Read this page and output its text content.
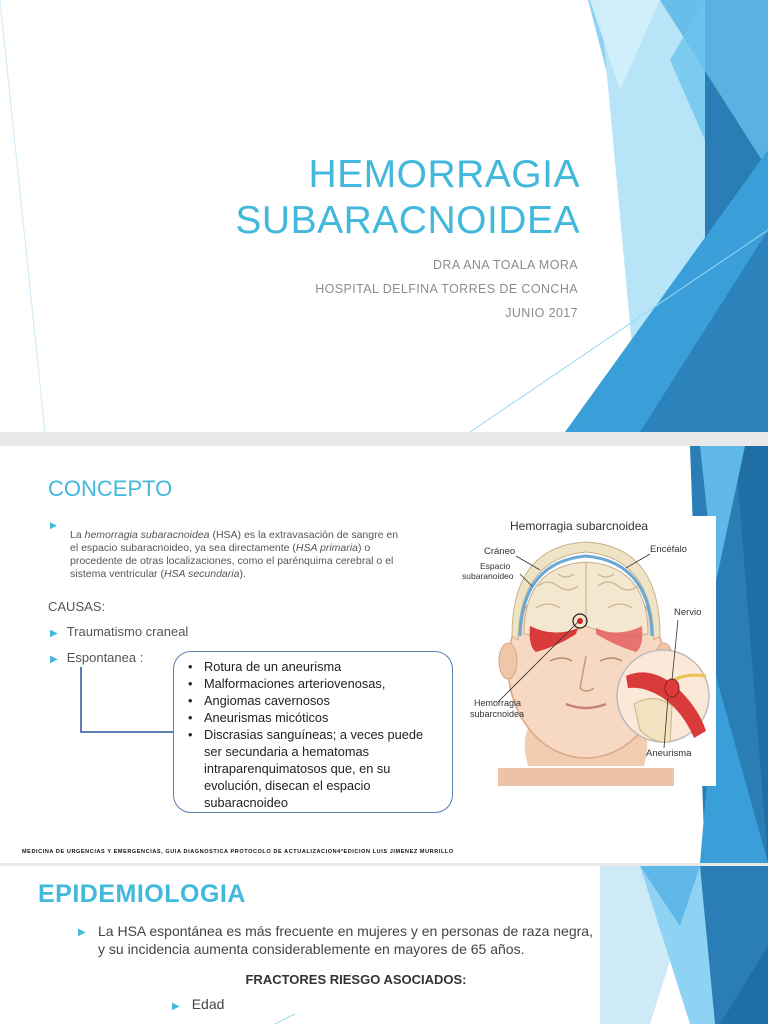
HEMORRAGIA
SUBARACNOIDEA
DRA ANA TOALA MORA
HOSPITAL DELFINA TORRES DE CONCHA
JUNIO 2017
CONCEPTO
▶

La hemorragia subaracnoidea (HSA) es la extravasación de sangre en el espacio subaracnoideo, ya sea directamente (HSA primaria) o procedente de otras localizaciones, como el parénquima cerebral o el sistema ventricular (HSA secundaria).

CAUSAS:
▶ Traumatismo craneal
▶ Espontanea :
• Rotura de un aneurisma
• Malformaciones arteriovenosas,
• Angiomas cavernosos
• Aneurismas micóticos
• Discrasias sanguíneas; a veces puede ser secundaria a hematomas intraparenquimatosos que, en su evolución, disecan el espacio subaracnoideo
Hemorragia subarcnoidea
Cráneo	Encéfalo
Espacio
subaranoideo
Nervio
Hemorragia
subarcnoidea
Aneurisma
MEDICINA DE URGENCIAS Y EMERGENCIAS, GUIA DIAGNOSTICA PROTOCOLO DE ACTUALIZACION4ªEDICION LUIS JIMENEZ MURRILLO
EPIDEMIOLOGIA
▶ La HSA espontánea es más frecuente en mujeres y en personas de raza negra, y su incidencia aumenta considerablemente en mayores de 65 años.
FRACTORES RIESGO ASOCIADOS:
▶ Edad
